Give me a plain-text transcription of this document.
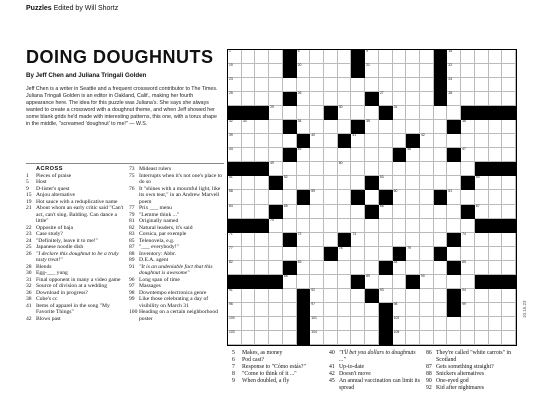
Puzzles Edited by Will Shortz
DOING DOUGHNUTS
By Jeff Chen and Juliana Tringali Golden

Jeff Chen is a writer in Seattle and a frequent crossword contributor to The Times. Juliana Tringali Golden is an editor in Oakland, Calif., making her fourth appearance here. The idea for this puzzle was Juliana's. She says she always wanted to create a crossword with a doughnut theme, and when Jeff showed her some blank grids he'd made with interesting patterns, this one, with a torus shape in the middle, "screamed 'doughnut' to me!" — W.S.

ACROSS
1	Pieces of praise
5	Host
9	D-lister's quest
15 Anjou alternative
19 Hot sauce with a reduplicative name
21 About whom an early critic said "Can't act, can't sing. Balding. Can dance a little"
22 Opposite of baja
23 Case study?
24 "Definitely, leave it to me!"
25 Japanese noodle dish
26 "I declare this doughnut to be a truly tasty treat!"
28 Blends
30 Egg-___ yung
31 Final opponent in many a video game
32 Source of division at a wedding
36 Download in progress?
38 Cube's cc
41 Items of apparel in the song "My Favorite Things"
42 Blows past
73 Mideast rulers
75 Interrupts when it's not one's place to do so
76 It "shines with a mournful light, like its own tear," in an Andrew Marvell poem
77 Prix ___ menu
79 "Lemme think ..."
81 Originally named
82 Natural leaders, it's said
83 Corsica, par exemple
85 Telenovela, e.g.
87 "___ everybody!"
88 Inventory: Abbr.
89 D.E.A. agent
91 "It is an undeniable fact that this doughnut is awesome"
96 Long span of time
97 Massages
98 Downtempo electronica genre
99 Like those celebrating a day of visibility on March 31
100 Heading on a certain neighborhood poster
1	5	9	15
19	20	21	22
23	24
25	26	27	28
29	30	31
32	33	34	35	36
39	40	41	42
44	45	46	47
49	50
51	52	53	54
58	59	60	61
64	65	66	67
70
71	72	73	74
77	78	79
82	83	84	85
88	89	90
91	92	93	94
96	97	98	99
100	101	102
103	104	105
10.15.23
5	Makes, as money
6	Pod cast?
7	Response to "Cómo estás?"
8	"Come to think of it ..."
9	When doubled, a fly
40 "I'll bet you dollars to doughnuts ..."
41 Up-to-date
42 Doesn't move
45 An annual vaccination can limit its spread
86 They're called "white carrots" in Scotland
87 Gets something straight?
88 Snickers alternatives
90 One-eyed god
92 Kid after nightmares
